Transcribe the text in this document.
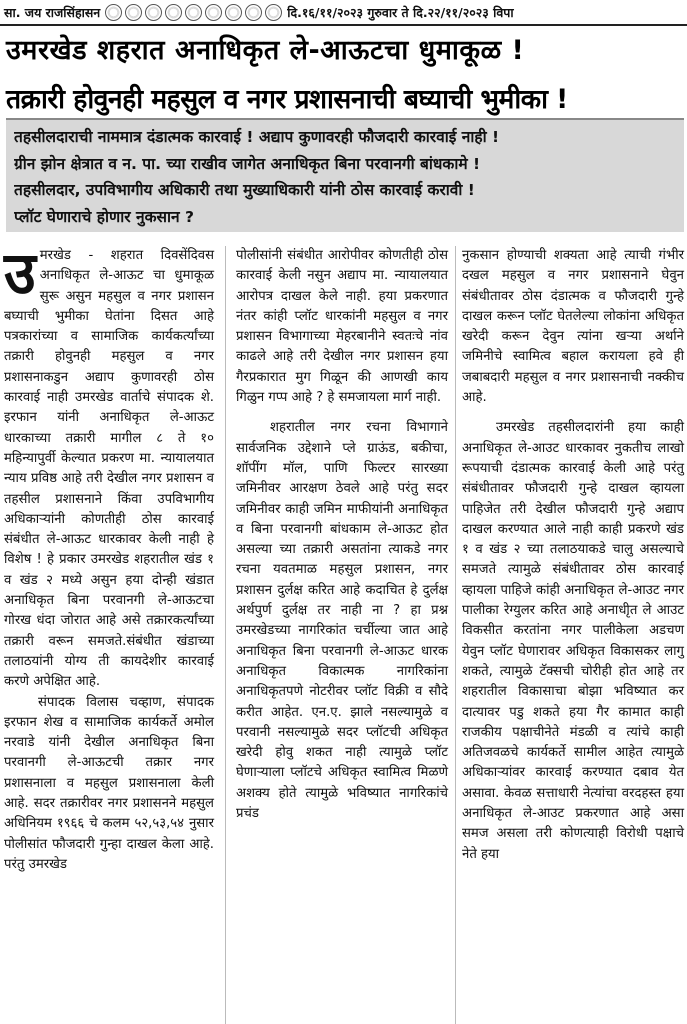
सा. जय राजसिंहासन	दि.१६/११/२०२३ गुरुवार ते दि.२२/११/२०२३ विपा
उमरखेड शहरात अनाधिकृत ले-आऊटचा धुमाकूळ !
तक्रारी होवुनही महसुल व नगर प्रशासनाची बघ्याची भुमीका !
तहसीलदाराची नाममात्र दंडात्मक कारवाई ! अद्याप कुणावरही फौजदारी कारवाई नाही !
ग्रीन झोन क्षेत्रात व न. पा. च्या राखीव जागेत अनाधिकृत बिना परवानगी बांधकामे !
तहसीलदार, उपविभागीय अधिकारी तथा मुख्याधिकारी यांनी ठोस कारवाई करावी !
प्लॉट घेणाराचे होणार नुकसान ?

उमरखेड - शहरात दिवसेंदिवस अनाधिकृत ले-आऊट चा धुमाकूळ सुरू असुन महसुल व नगर प्रशासन बघ्याची भुमीका घेतांना दिसत आहे पत्रकारांच्या व सामाजिक कार्यकर्त्यांच्या तक्रारी होवुनही महसुल व नगर प्रशासनाकडुन अद्याप कुणावरही ठोस कारवाई नाही उमरखेड वार्ताचे संपादक शे. इरफान यांनी अनाधिकृत ले-आऊट धारकाच्या तक्रारी मागील ८ ते १० महिन्यापुर्वी केल्यात प्रकरण मा. न्यायालयात न्याय प्रविष्ठ आहे तरी देखील नगर प्रशासन व तहसील प्रशासनाने किंवा उपविभागीय अधिकाऱ्यांनी कोणतीही ठोस कारवाई संबंधीत ले-आऊट धारकावर केली नाही हे विशेष ! हे प्रकार उमरखेड शहरातील खंड १ व खंड २ मध्ये असुन हया दोन्ही खंडात अनाधिकृत बिना परवानगी ले-आऊटचा गोरख धंदा जोरात आहे असे तक्रारकर्त्यांच्या तक्रारी वरून समजते.संबंधीत खंडाच्या तलाठयांनी योग्य ती कायदेशीर कारवाई करणे अपेक्षित आहे.

संपादक विलास चव्हाण, संपादक इरफान शेख व सामाजिक कार्यकर्ते अमोल नरवाडे यांनी देखील अनाधिकृत बिना परवानगी ले-आऊटची तक्रार नगर प्रशासनाला व महसुल प्रशासनाला केली आहे. सदर तक्रारीवर नगर प्रशासनने महसुल अधिनियम १९६६ चे कलम ५२,५३,५४ नुसार पोलीसांत फौजदारी गुन्हा दाखल केला आहे. परंतु उमरखेड

पोलीसांनी संबंधीत आरोपीवर कोणतीही ठोस कारवाई केली नसुन अद्याप मा. न्यायालयात आरोपत्र दाखल केले नाही. हया प्रकरणात नंतर कांही प्लॉट धारकांनी महसुल व नगर प्रशासन विभागाच्या मेहरबानीने स्वतःचे नांव काढले आहे तरी देखील नगर प्रशासन हया गैरप्रकारात मुग गिळून की आणखी काय गिळुन गप्प आहे ? हे समजायला मार्ग नाही.

शहरातील नगर रचना विभागाने सार्वजनिक उद्देशाने प्ले ग्राऊंड, बकीचा, शॉपींग मॉल, पाणि फिल्टर सारख्या जमिनीवर आरक्षण ठेवले आहे परंतु सदर जमिनीवर काही जमिन माफीयांनी अनाधिकृत व बिना परवानगी बांधकाम ले-आऊट होत असल्या च्या तक्रारी असतांना त्याकडे नगर रचना यवतमाळ महसुल प्रशासन, नगर प्रशासन दुर्लक्ष करित आहे कदाचित हे दुर्लक्ष अर्थपुर्ण दुर्लक्ष तर नाही ना ? हा प्रश्न उमरखेडच्या नागरिकांत चर्चील्या जात आहे अनाधिकृत बिना परवानगी ले-आऊट धारक अनाधिकृत विकात्मक नागरिकांना अनाधिकृतपणे नोटरीवर प्लॉट विक्री व सौदे करीत आहेत. एन.ए. झाले नसल्यामुळे व परवानी नसल्यामुळे सदर प्लॉटची अधिकृत खरेदी होवु शकत नाही त्यामुळे प्लॉट घेणाऱ्याला प्लॉटचे अधिकृत स्वामित्व मिळणे अशक्य होते त्यामुळे भविष्यात नागरिकांचे प्रचंड

नुकसान होण्याची शक्यता आहे त्याची गंभीर दखल महसुल व नगर प्रशासनाने घेवुन संबंधीतावर ठोस दंडात्मक व फौजदारी गुन्हे दाखल करून प्लॉट घेतलेल्या लोकांना अधिकृत खरेदी करून देवुन त्यांना खऱ्या अर्थाने जमिनीचे स्वामित्व बहाल करायला हवे ही जबाबदारी महसुल व नगर प्रशासनाची नक्कीच आहे.

उमरखेड तहसीलदारांनी हया काही अनाधिकृत ले-आउट धारकावर नुकतीच लाखो रूपयाची दंडात्मक कारवाई केली आहे परंतु संबंधीतावर फौजदारी गुन्हे दाखल व्हायला पाहिजेत तरी देखील फौजदारी गुन्हे अद्याप दाखल करण्यात आले नाही काही प्रकरणे खंड १ व खंड २ च्या तलाठयाकडे चालु असल्याचे समजते त्यामुळे संबंधीतावर ठोस कारवाई व्हायला पाहिजे कांही अनाधिकृत ले-आउट नगर पालीका रेग्युलर करित आहे अनाधीृत ले आउट विकसीत करतांना नगर पालीकेला अडचण येवुन प्लॉट घेणारावर अधिकृत विकासकर लागु शकते, त्यामुळे टॅक्सची चोरीही होत आहे तर शहरातील विकासाचा बोझा भविष्यात कर दात्यावर पडु शकते हया गैर कामात काही राजकीय पक्षाचीनेते मंडळी व त्यांचे काही अतिजवळचे कार्यकर्ते सामील आहेत त्यामुळे अधिकाऱ्यांवर कारवाई करण्यात दबाव येत असावा. केवळ सत्ताधारी नेत्यांचा वरदहस्त हया अनाधिकृत ले-आउट प्रकरणात आहे असा समज असला तरी कोणत्याही विरोधी पक्षाचे नेते हया
